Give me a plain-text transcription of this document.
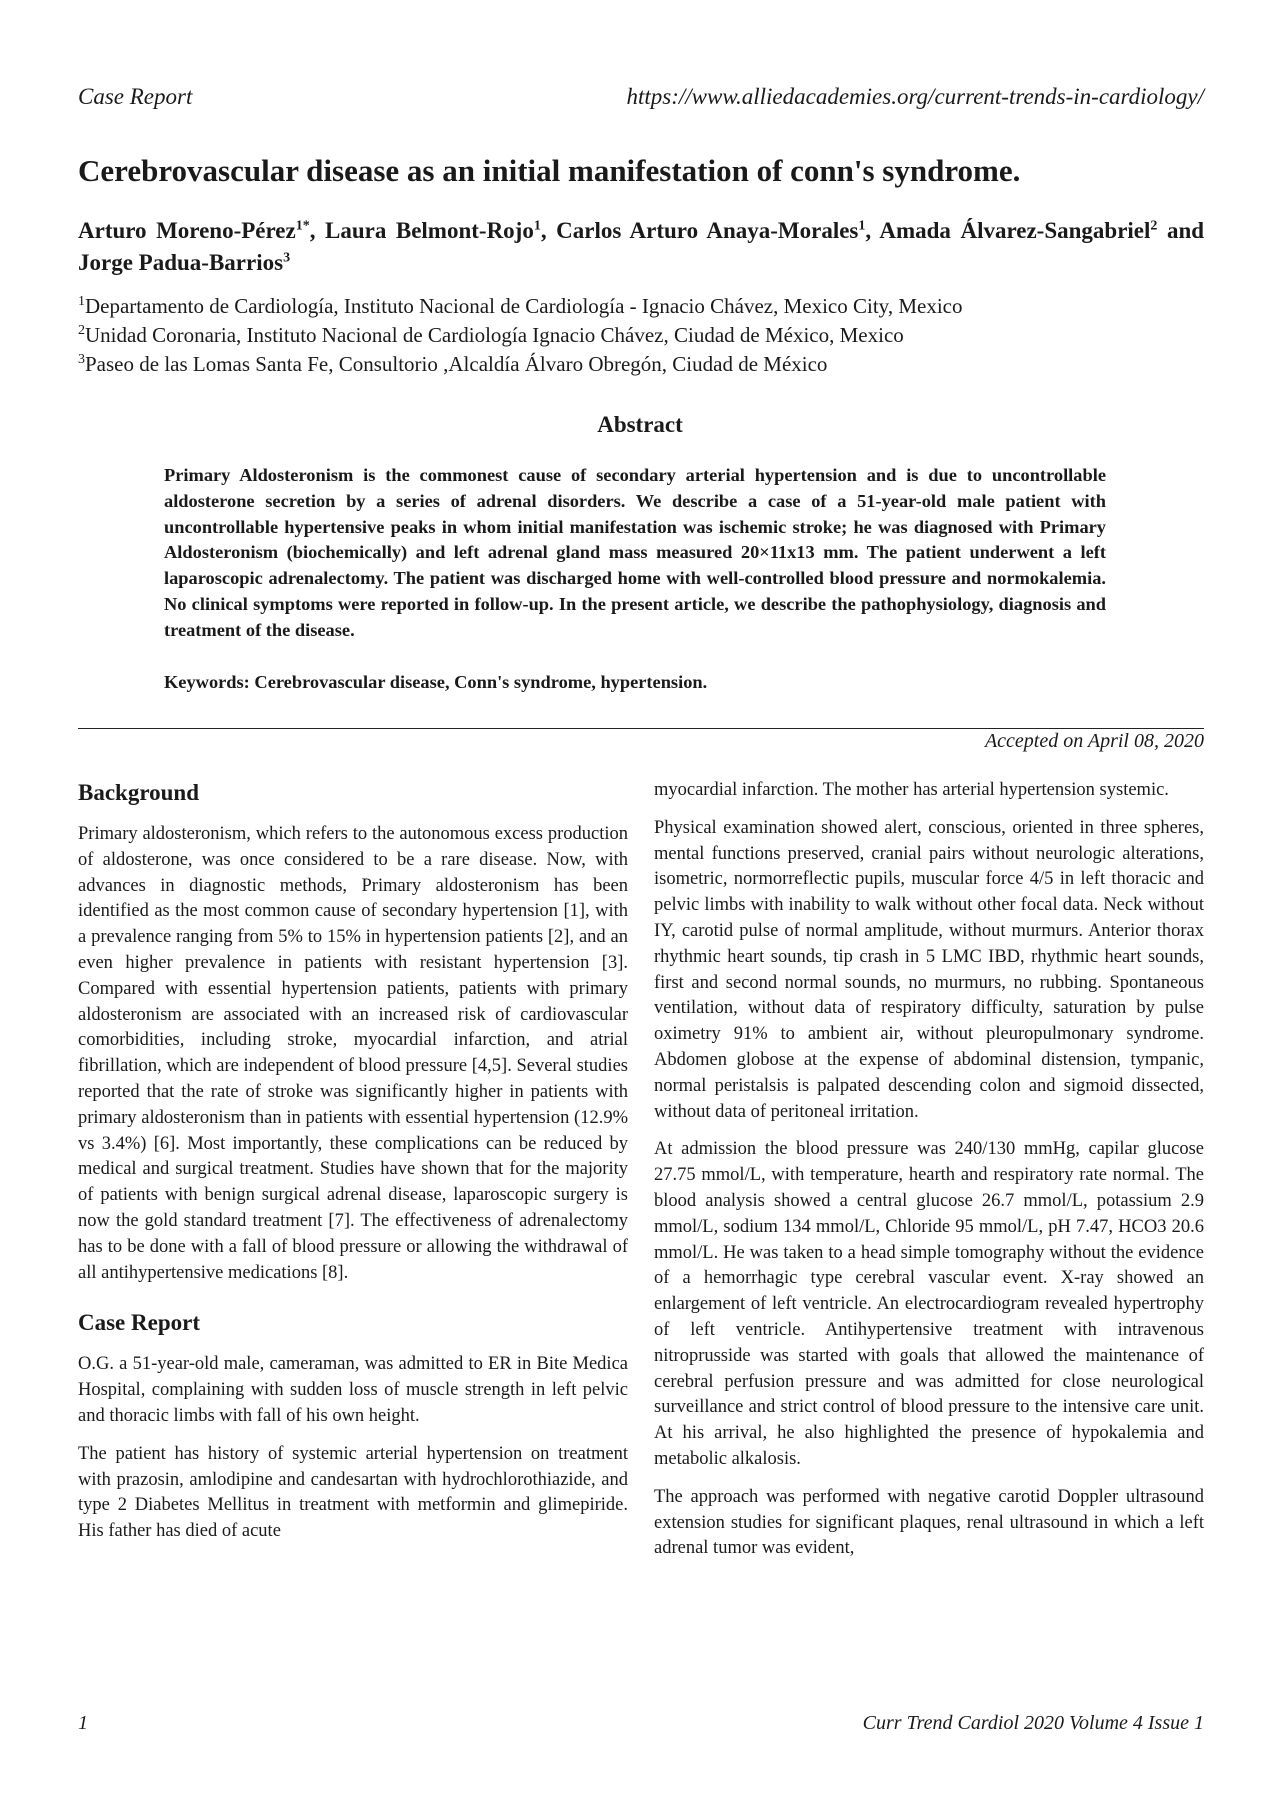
Case Report	https://www.alliedacademies.org/current-trends-in-cardiology/
Cerebrovascular disease as an initial manifestation of conn's syndrome.
Arturo Moreno-Pérez$^{1*}$, Laura Belmont-Rojo$^1$, Carlos Arturo Anaya-Morales$^1$, Amada Álvarez-Sangabriel$^2$ and Jorge Padua-Barrios$^3$
$^1$Departamento de Cardiología, Instituto Nacional de Cardiología - Ignacio Chávez, Mexico City, Mexico
$^2$Unidad Coronaria, Instituto Nacional de Cardiología Ignacio Chávez, Ciudad de México, Mexico
$^3$Paseo de las Lomas Santa Fe, Consultorio ,Alcaldía Álvaro Obregón, Ciudad de México
Abstract
Primary Aldosteronism is the commonest cause of secondary arterial hypertension and is due to uncontrollable aldosterone secretion by a series of adrenal disorders. We describe a case of a 51-year-old male patient with uncontrollable hypertensive peaks in whom initial manifestation was ischemic stroke; he was diagnosed with Primary Aldosteronism (biochemically) and left adrenal gland mass measured 20×11x13 mm. The patient underwent a left laparoscopic adrenalectomy. The patient was discharged home with well-controlled blood pressure and normokalemia. No clinical symptoms were reported in follow-up. In the present article, we describe the pathophysiology, diagnosis and treatment of the disease.
Keywords: Cerebrovascular disease, Conn's syndrome, hypertension.
Accepted on April 08, 2020
Background

Primary aldosteronism, which refers to the autonomous excess production of aldosterone, was once considered to be a rare disease. Now, with advances in diagnostic methods, Primary aldosteronism has been identified as the most common cause of secondary hypertension [1], with a prevalence ranging from 5% to 15% in hypertension patients [2], and an even higher prevalence in patients with resistant hypertension [3]. Compared with essential hypertension patients, patients with primary aldosteronism are associated with an increased risk of cardiovascular comorbidities, including stroke, myocardial infarction, and atrial fibrillation, which are independent of blood pressure [4,5]. Several studies reported that the rate of stroke was significantly higher in patients with primary aldosteronism than in patients with essential hypertension (12.9% vs 3.4%) [6]. Most importantly, these complications can be reduced by medical and surgical treatment. Studies have shown that for the majority of patients with benign surgical adrenal disease, laparoscopic surgery is now the gold standard treatment [7]. The effectiveness of adrenalectomy has to be done with a fall of blood pressure or allowing the withdrawal of all antihypertensive medications [8].

Case Report

O.G. a 51-year-old male, cameraman, was admitted to ER in Bite Medica Hospital, complaining with sudden loss of muscle strength in left pelvic and thoracic limbs with fall of his own height.

The patient has history of systemic arterial hypertension on treatment with prazosin, amlodipine and candesartan with hydrochlorothiazide, and type 2 Diabetes Mellitus in treatment with metformin and glimepiride. His father has died of acute

myocardial infarction. The mother has arterial hypertension systemic.

Physical examination showed alert, conscious, oriented in three spheres, mental functions preserved, cranial pairs without neurologic alterations, isometric, normorreflectic pupils, muscular force 4/5 in left thoracic and pelvic limbs with inability to walk without other focal data. Neck without IY, carotid pulse of normal amplitude, without murmurs. Anterior thorax rhythmic heart sounds, tip crash in 5 LMC IBD, rhythmic heart sounds, first and second normal sounds, no murmurs, no rubbing. Spontaneous ventilation, without data of respiratory difficulty, saturation by pulse oximetry 91% to ambient air, without pleuropulmonary syndrome. Abdomen globose at the expense of abdominal distension, tympanic, normal peristalsis is palpated descending colon and sigmoid dissected, without data of peritoneal irritation.

At admission the blood pressure was 240/130 mmHg, capilar glucose 27.75 mmol/L, with temperature, hearth and respiratory rate normal. The blood analysis showed a central glucose 26.7 mmol/L, potassium 2.9 mmol/L, sodium 134 mmol/L, Chloride 95 mmol/L, pH 7.47, HCO3 20.6 mmol/L. He was taken to a head simple tomography without the evidence of a hemorrhagic type cerebral vascular event. X-ray showed an enlargement of left ventricle. An electrocardiogram revealed hypertrophy of left ventricle. Antihypertensive treatment with intravenous nitroprusside was started with goals that allowed the maintenance of cerebral perfusion pressure and was admitted for close neurological surveillance and strict control of blood pressure to the intensive care unit. At his arrival, he also highlighted the presence of hypokalemia and metabolic alkalosis.

The approach was performed with negative carotid Doppler ultrasound extension studies for significant plaques, renal ultrasound in which a left adrenal tumor was evident,

1	Curr Trend Cardiol 2020 Volume 4 Issue 1
